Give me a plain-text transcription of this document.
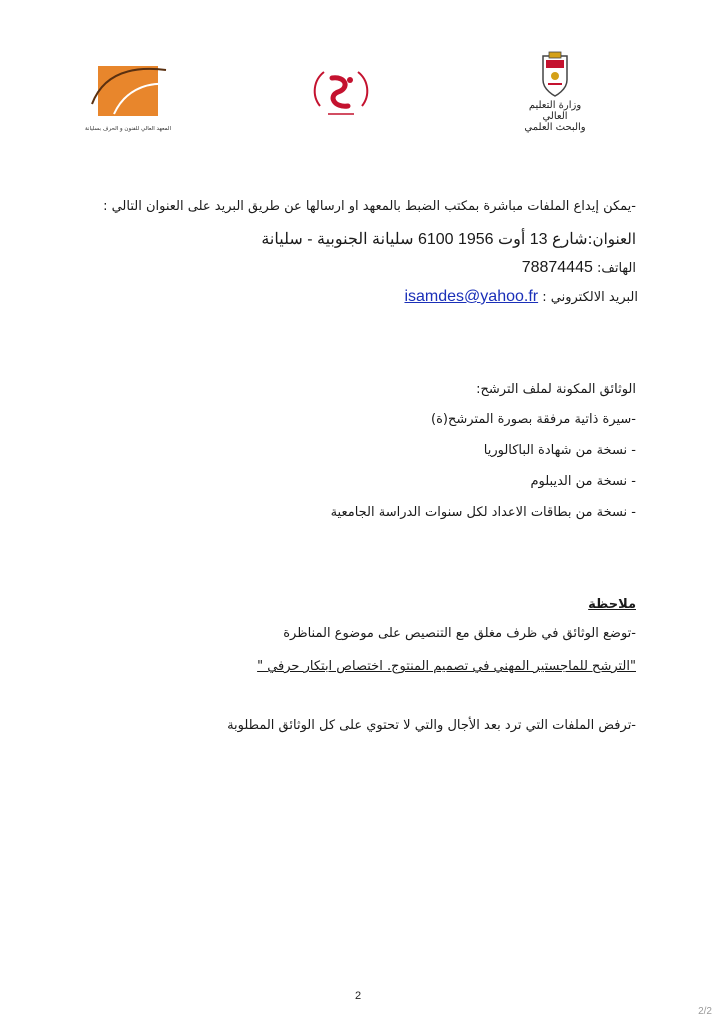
المعهد العالي للفنون و الحرف بسليانة
وزارة التعليم العالي
والبحث العلمي
-يمكن إيداع الملفات مباشرة بمكتب الضبط بالمعهد او ارسالها عن طريق البريد على العنوان التالي :
العنوان:شارع 13 أوت 1956 6100 سليانة الجنوبية - سليانة
الهاتف: 78874445
البريد الالكتروني : isamdes@yahoo.fr
الوثائق المكونة لملف الترشح:
-سيرة ذاتية مرفقة بصورة المترشح(ة)
- نسخة من شهادة الباكالوريا
- نسخة من الديبلوم
- نسخة من بطاقات الاعداد لكل سنوات الدراسة الجامعية
ملاحظة
-توضع الوثائق في ظرف مغلق مع التنصيص على موضوع المناظرة
"الترشح للماجستير المهني في تصميم المنتوج. اختصاص ابتكار حرفي "
-ترفض الملفات التي ترد بعد الأجال والتي لا تحتوي على كل الوثائق المطلوبة
2
2/2
